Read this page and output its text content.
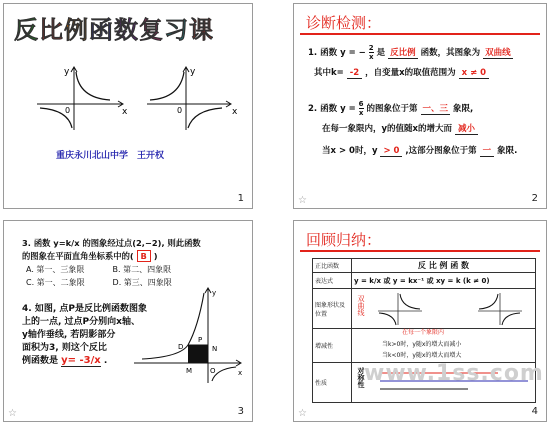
反比例函数复习课
y
x
0
y
x
0
重庆永川北山中学　王开权
1
诊断检测：
1. 函数 y = − $\frac{2}{x}$ 是 反比例 函数，其图象为 双曲线
其中k= -2 ，自变量x的取值范围为 x ≠ 0
2. 函数 $y = \frac{6}{x}$ 的图象位于第 一、三 象限,
在每一象限内，y的值随x的增大而 减小
当x > 0时，y > 0 ,这部分图象位于第 一 象限.
☆	2
3. 函数 y=k/x 的图象经过点(2,−2), 则此函数
的图象在平面直角坐标系中的( B )
A. 第一、三象限	B. 第二、四象限
C. 第一、二象限	D. 第三、四象限
4. 如图, 点P是反比例函数图象
上的一点, 过点P分别向x轴、
y轴作垂线, 若阴影部分
面积为3, 则这个反比
例函数是 y= -3/x .
D
P
N
M	O
y
x
☆	3
回顾归纳：
正比函数	反 比 例 函 数
表达式	y = k/x 或 y = kx⁻¹ 或 xy = k (k ≠ 0)
图象形状及位置	双曲线

增减性	在每一个象限内
当k>0时，y随x的增大而减小
当k<0时，y随x的增大而增大

性质	对称性 www.1ss.com
☆	4
